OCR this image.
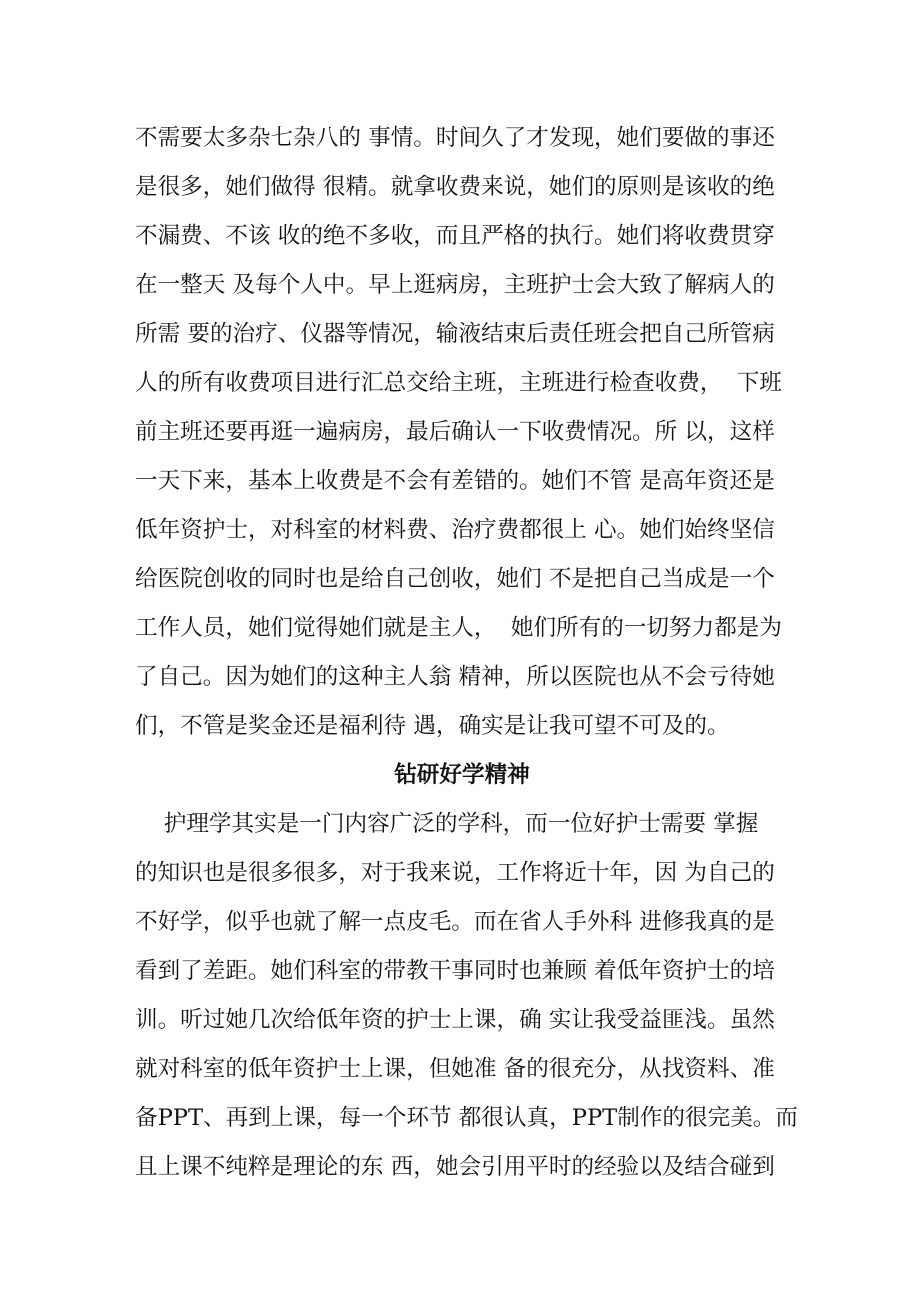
不需要太多杂七杂八的 事情。时间久了才发现，她们要做的事还
是很多，她们做得 很精。就拿收费来说，她们的原则是该收的绝
不漏费、不该 收的绝不多收，而且严格的执行。她们将收费贯穿
在一整天 及每个人中。早上逛病房，主班护士会大致了解病人的
所需 要的治疗、仪器等情况，输液结束后责任班会把自己所管病
人的所有收费项目进行汇总交给主班，主班进行检查收费，  下班
前主班还要再逛一遍病房，最后确认一下收费情况。所 以，这样
一天下来，基本上收费是不会有差错的。她们不管 是高年资还是
低年资护士，对科室的材料费、治疗费都很上 心。她们始终坚信
给医院创收的同时也是给自己创收，她们 不是把自己当成是一个
工作人员，她们觉得她们就是主人，  她们所有的一切努力都是为
了自己。因为她们的这种主人翁 精神，所以医院也从不会亏待她
们，不管是奖金还是福利待 遇，确实是让我可望不可及的。
钻研好学精神
护理学其实是一门内容广泛的学科，而一位好护士需要 掌握
的知识也是很多很多，对于我来说，工作将近十年，因 为自己的
不好学，似乎也就了解一点皮毛。而在省人手外科 进修我真的是
看到了差距。她们科室的带教干事同时也兼顾 着低年资护士的培
训。听过她几次给低年资的护士上课，确 实让我受益匪浅。虽然
就对科室的低年资护士上课，但她准 备的很充分，从找资料、准
备PPT、再到上课，每一个环节 都很认真，PPT制作的很完美。而
且上课不纯粹是理论的东 西，她会引用平时的经验以及结合碰到
